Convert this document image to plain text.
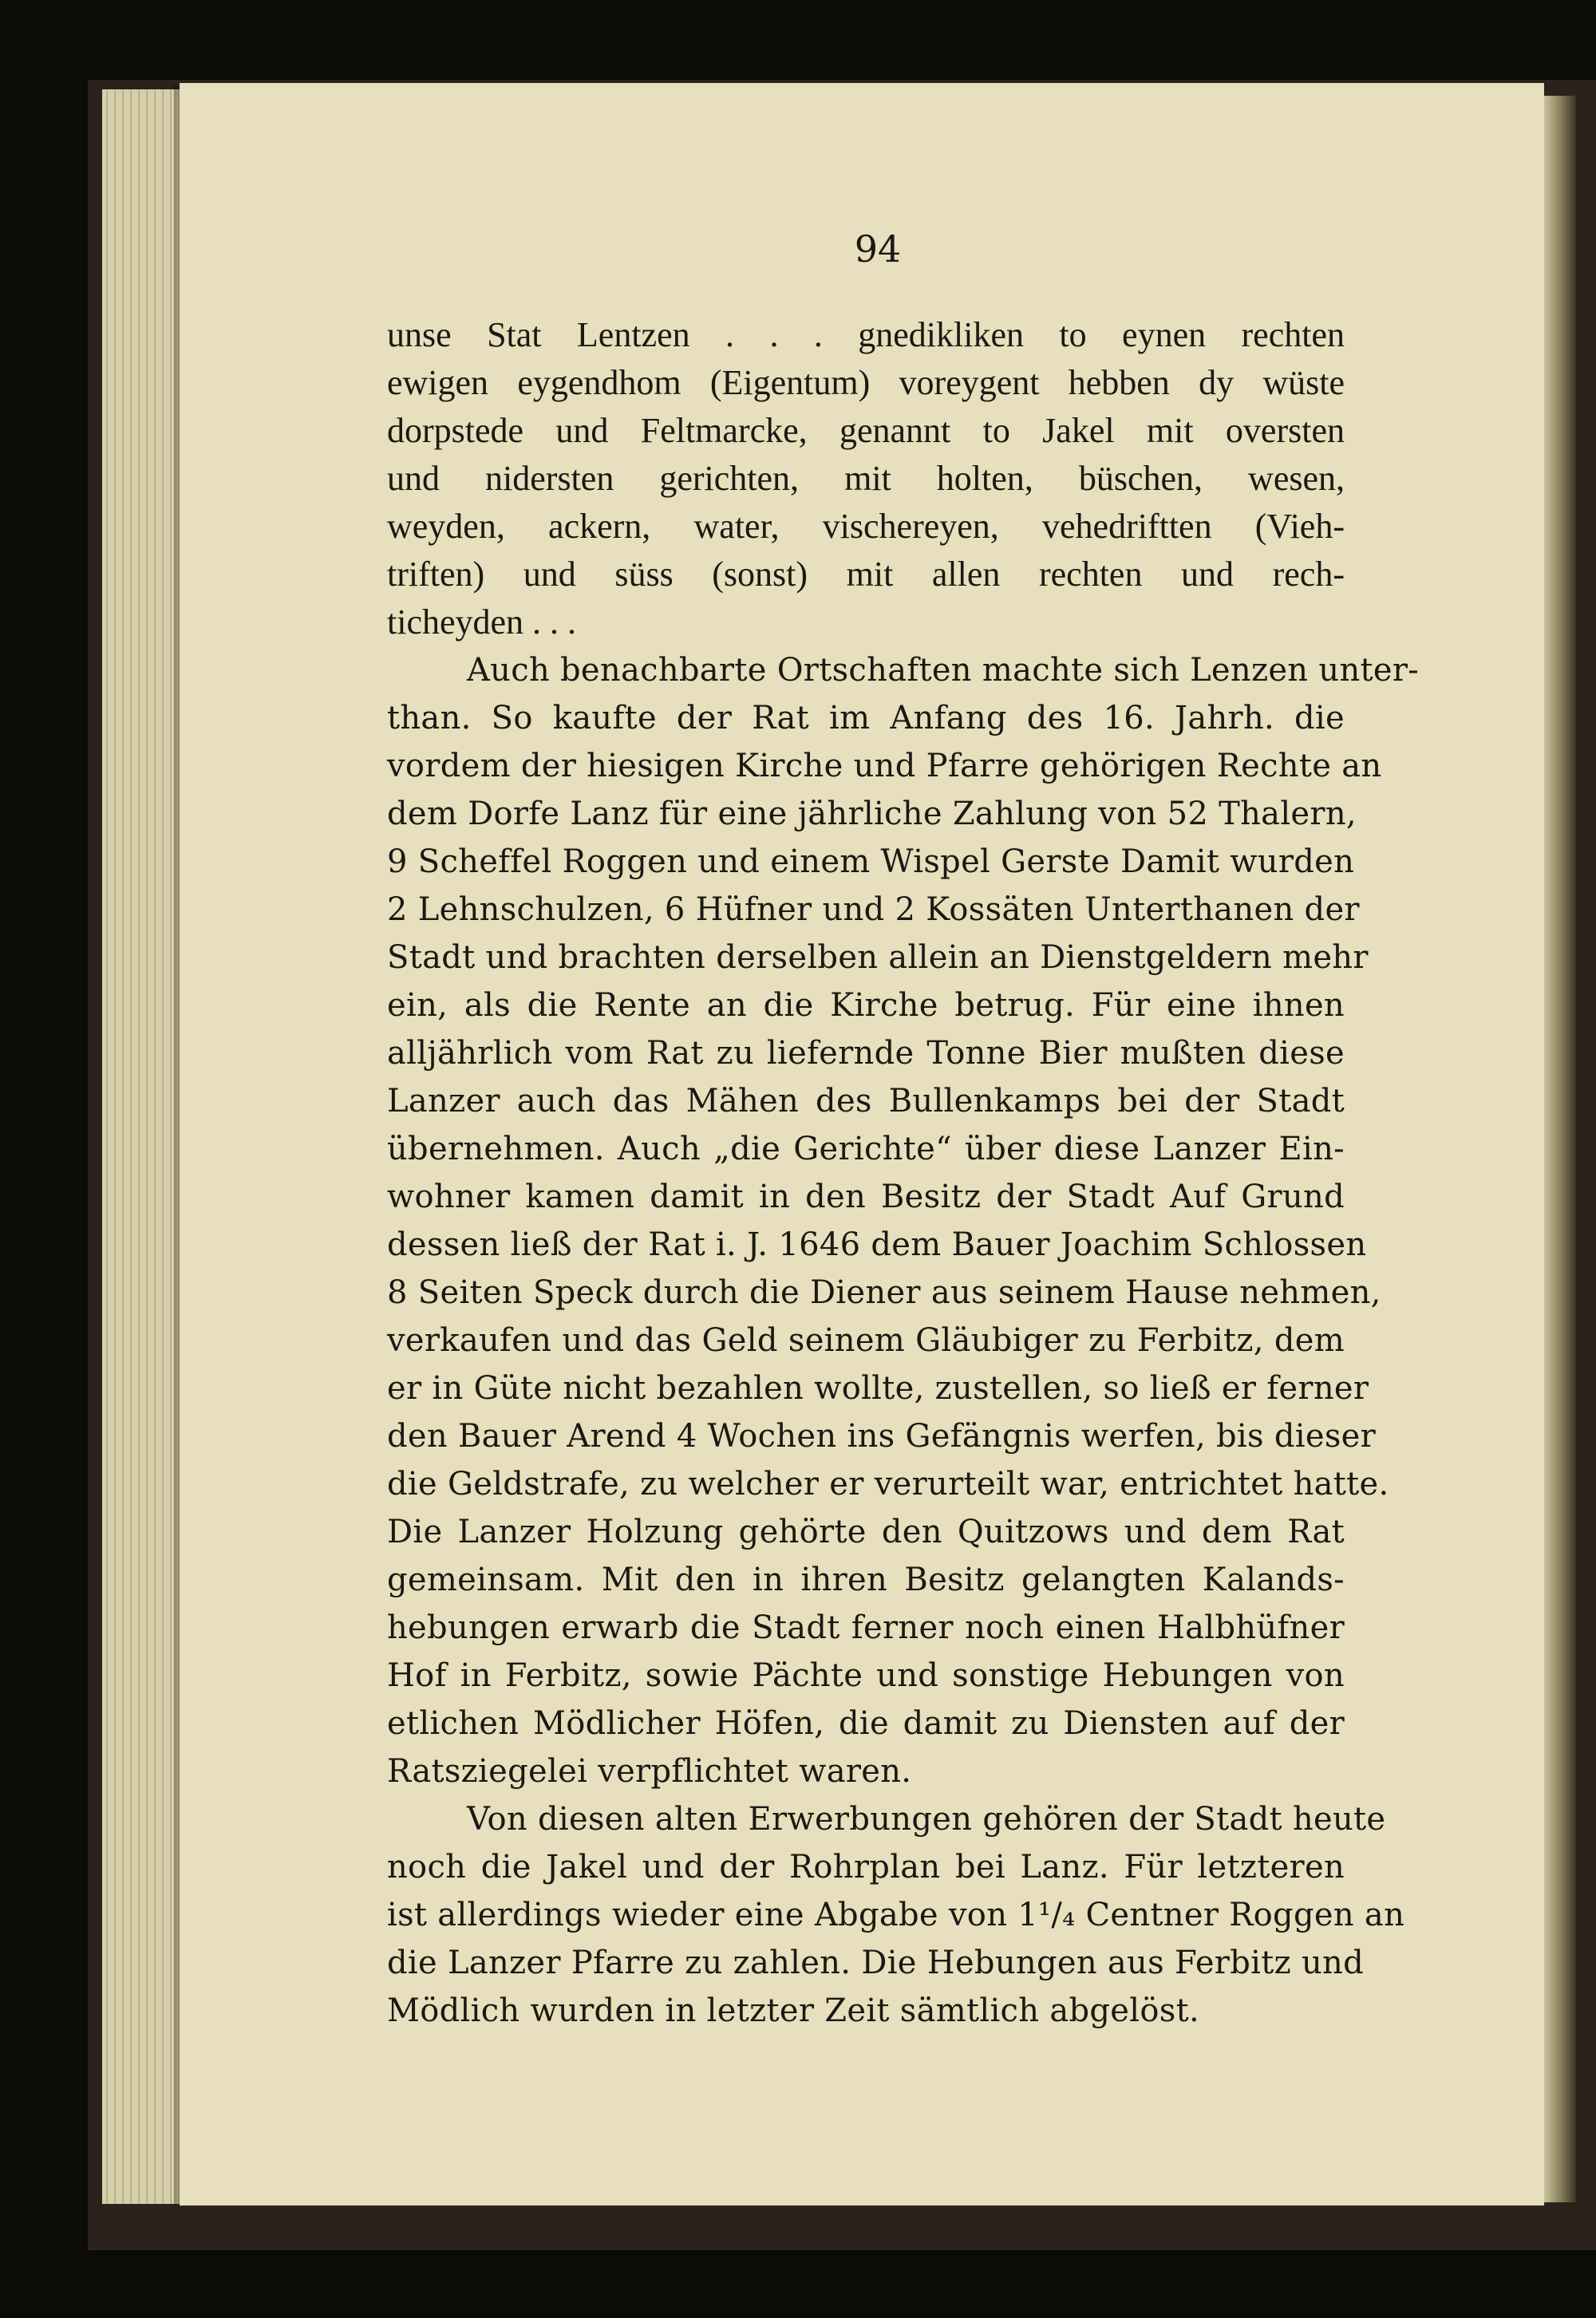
94
unse Stat Lentzen . . . gnedikliken to eynen rechten
ewigen eygendhom (Eigentum) voreygent hebben dy wüste
dorpstede und Feltmarcke, genannt to Jakel mit oversten
und nidersten gerichten, mit holten, büschen, wesen,
weyden, ackern, water, vischereyen, vehedriftten (Vieh-
triften) und süss (sonst) mit allen rechten und rech-
ticheyden . . .
Auch benachbarte Ortschaften machte sich Lenzen unter-
than. So kaufte der Rat im Anfang des 16. Jahrh. die
vordem der hiesigen Kirche und Pfarre gehörigen Rechte an
dem Dorfe Lanz für eine jährliche Zahlung von 52 Thalern,
9 Scheffel Roggen und einem Wispel Gerste Damit wurden
2 Lehnschulzen, 6 Hüfner und 2 Kossäten Unterthanen der
Stadt und brachten derselben allein an Dienstgeldern mehr
ein, als die Rente an die Kirche betrug. Für eine ihnen
alljährlich vom Rat zu liefernde Tonne Bier mußten diese
Lanzer auch das Mähen des Bullenkamps bei der Stadt
übernehmen. Auch „die Gerichte“ über diese Lanzer Ein-
wohner kamen damit in den Besitz der Stadt Auf Grund
dessen ließ der Rat i. J. 1646 dem Bauer Joachim Schlossen
8 Seiten Speck durch die Diener aus seinem Hause nehmen,
verkaufen und das Geld seinem Gläubiger zu Ferbitz, dem
er in Güte nicht bezahlen wollte, zustellen, so ließ er ferner
den Bauer Arend 4 Wochen ins Gefängnis werfen, bis dieser
die Geldstrafe, zu welcher er verurteilt war, entrichtet hatte.
Die Lanzer Holzung gehörte den Quitzows und dem Rat
gemeinsam. Mit den in ihren Besitz gelangten Kalands-
hebungen erwarb die Stadt ferner noch einen Halbhüfner
Hof in Ferbitz, sowie Pächte und sonstige Hebungen von
etlichen Mödlicher Höfen, die damit zu Diensten auf der
Ratsziegelei verpflichtet waren.
Von diesen alten Erwerbungen gehören der Stadt heute
noch die Jakel und der Rohrplan bei Lanz. Für letzteren
ist allerdings wieder eine Abgabe von 1¹/₄ Centner Roggen an
die Lanzer Pfarre zu zahlen. Die Hebungen aus Ferbitz und
Mödlich wurden in letzter Zeit sämtlich abgelöst.
